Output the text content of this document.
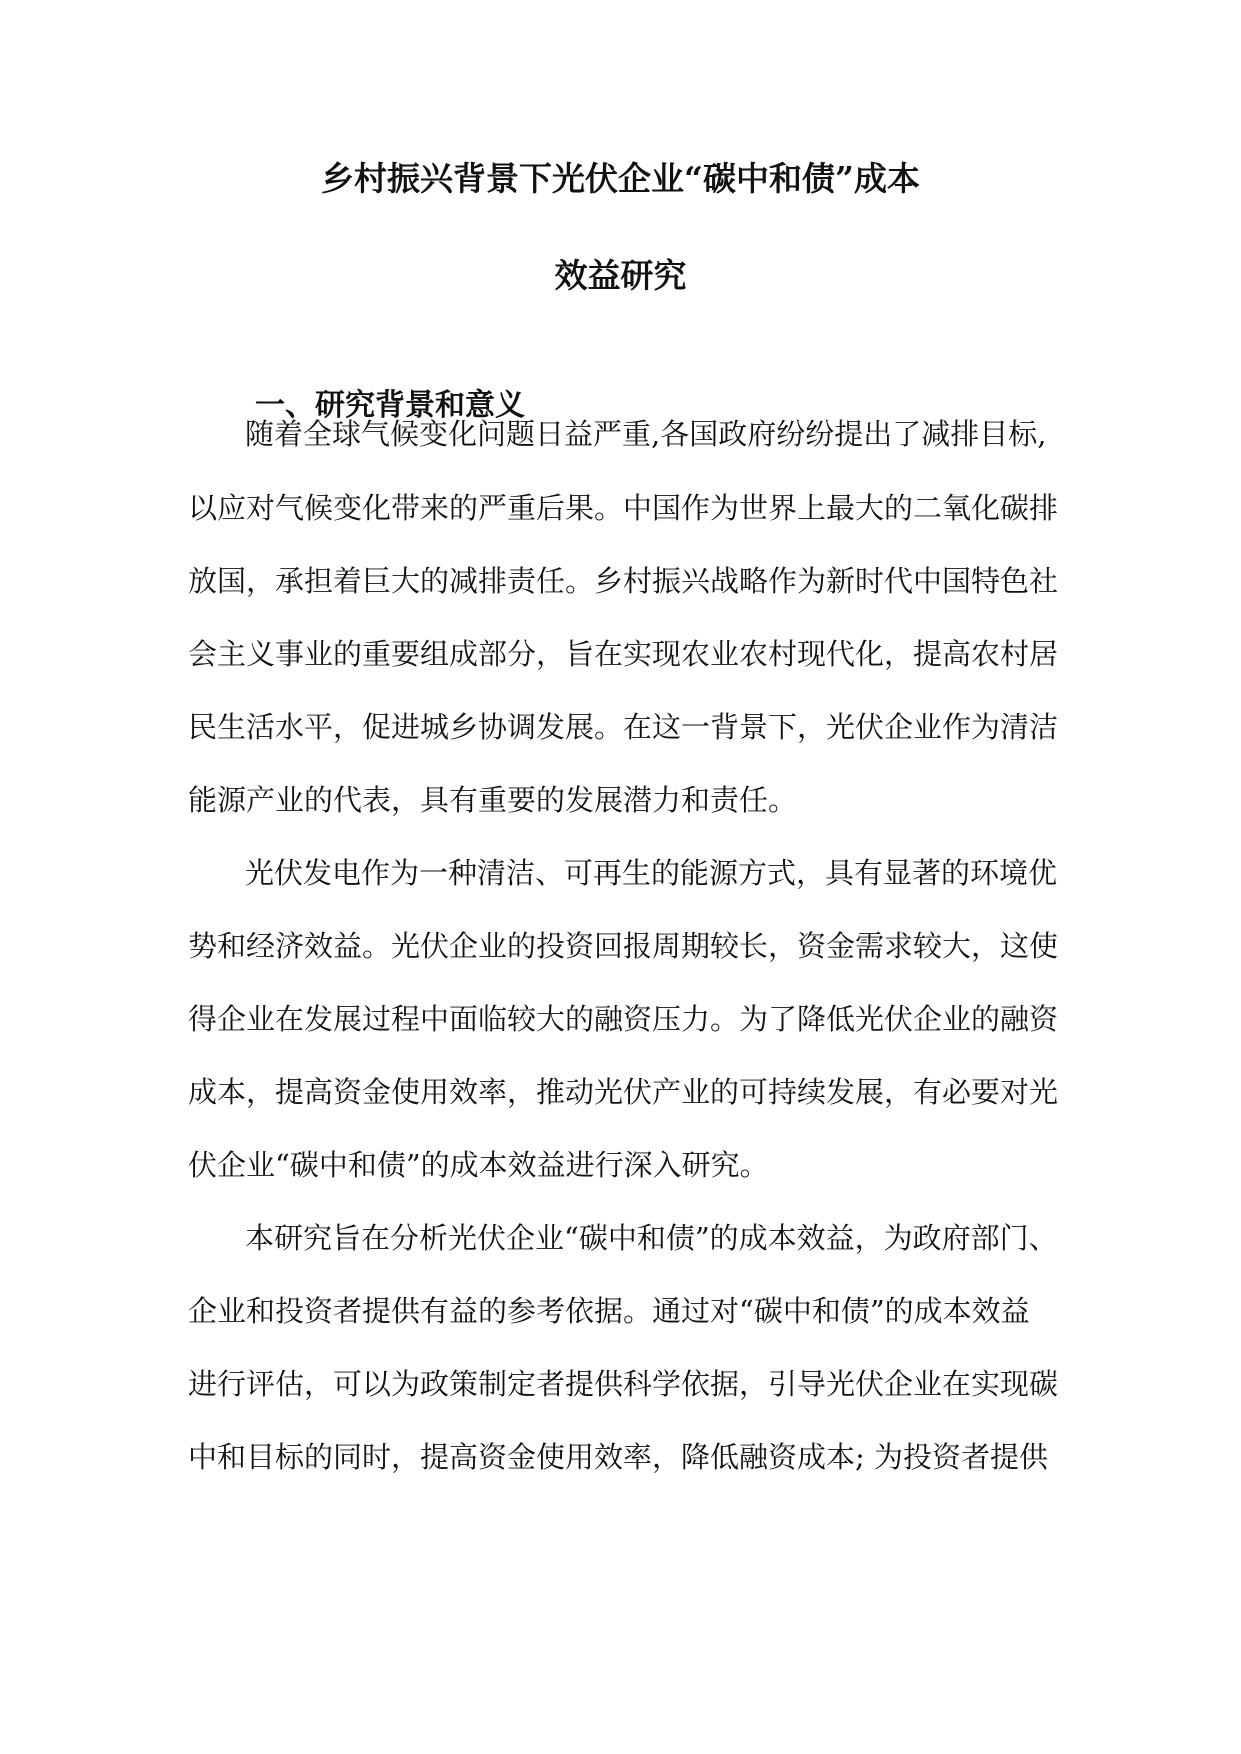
乡村振兴背景下光伏企业“碳中和债”成本
效益研究
一、研究背景和意义
随着全球气候变化问题日益严重,各国政府纷纷提出了减排目标,
以应对气候变化带来的严重后果。中国作为世界上最大的二氧化碳排
放国，承担着巨大的减排责任。乡村振兴战略作为新时代中国特色社
会主义事业的重要组成部分，旨在实现农业农村现代化，提高农村居
民生活水平，促进城乡协调发展。在这一背景下，光伏企业作为清洁
能源产业的代表，具有重要的发展潜力和责任。
光伏发电作为一种清洁、可再生的能源方式，具有显著的环境优
势和经济效益。光伏企业的投资回报周期较长，资金需求较大，这使
得企业在发展过程中面临较大的融资压力。为了降低光伏企业的融资
成本，提高资金使用效率，推动光伏产业的可持续发展，有必要对光
伏企业“碳中和债”的成本效益进行深入研究。
本研究旨在分析光伏企业“碳中和债”的成本效益，为政府部门、
企业和投资者提供有益的参考依据。通过对“碳中和债”的成本效益
进行评估，可以为政策制定者提供科学依据，引导光伏企业在实现碳
中和目标的同时，提高资金使用效率，降低融资成本; 为投资者提供
